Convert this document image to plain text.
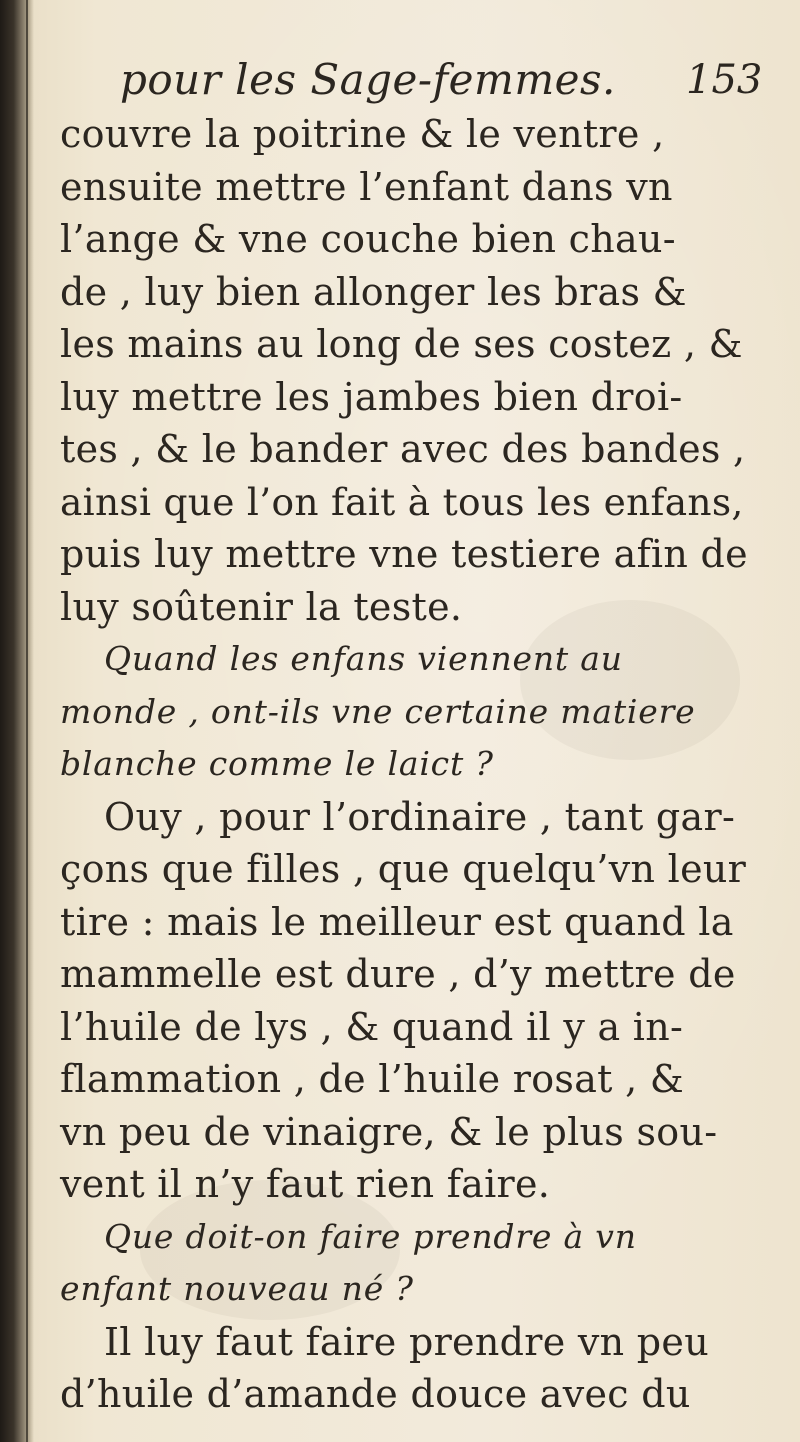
pour les Sage-femmes.	153
couvre la poitrine & le ventre ,
ensuite mettre l’enfant dans vn
l’ange & vne couche bien chau-
de , luy bien allonger les bras &
les mains au long de ses costez , &
luy mettre les jambes bien droi-
tes , & le bander avec des bandes ,
ainsi que l’on fait à tous les enfans,
puis luy mettre vne testiere afin de
luy soûtenir la teste.
Quand les enfans viennent au
monde , ont-ils vne certaine matiere
blanche comme le laict ?
Ouy , pour l’ordinaire , tant gar-
çons que filles , que quelqu’vn leur
tire : mais le meilleur est quand la
mammelle est dure , d’y mettre de
l’huile de lys , & quand il y a in-
flammation , de l’huile rosat , &
vn peu de vinaigre, & le plus sou-
vent il n’y faut rien faire.
Que doit-on faire prendre à vn
enfant nouveau né ?
Il luy faut faire prendre vn peu
d’huile d’amande douce avec du
